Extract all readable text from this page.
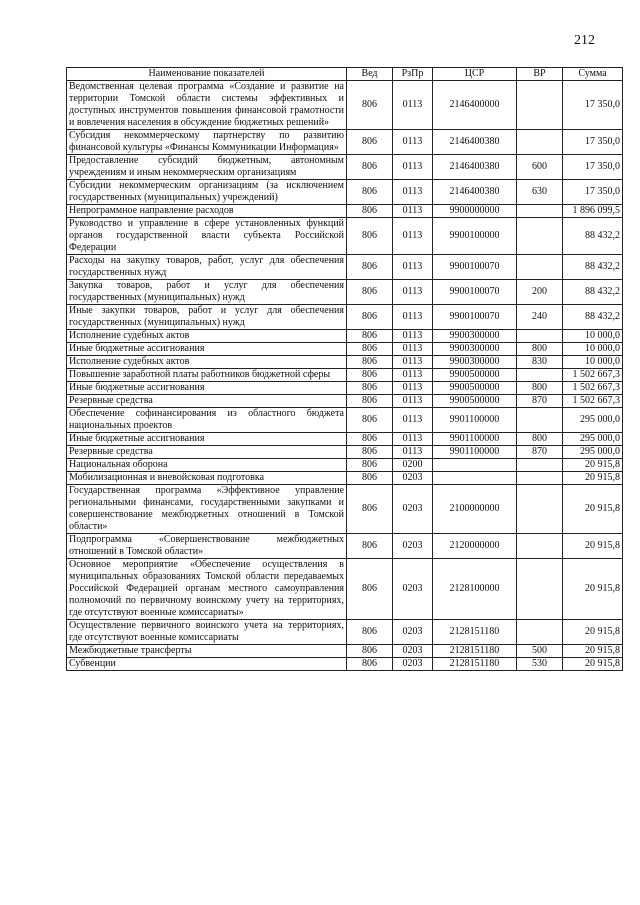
212
Наименование показателей	Вед	РзПр	ЦСР	ВР	Сумма
Ведомственная целевая программа «Создание и развитие на территории Томской области системы эффективных и доступных инструментов повышения финансовой грамотности и вовлечения населения в обсуждение бюджетных решений»	806	0113	2146400000		17 350,0
Субсидия некоммерческому партнерству по развитию финансовой культуры «Финансы Коммуникации Информация»	806	0113	2146400380		17 350,0
Предоставление субсидий бюджетным, автономным учреждениям и иным некоммерческим организациям	806	0113	2146400380	600	17 350,0
Субсидии некоммерческим организациям (за исключением государственных (муниципальных) учреждений)	806	0113	2146400380	630	17 350,0
Непрограммное направление расходов	806	0113	9900000000		1 896 099,5
Руководство и управление в сфере установленных функций органов государственной власти субъекта Российской Федерации	806	0113	9900100000		88 432,2
Расходы на закупку товаров, работ, услуг для обеспечения государственных нужд	806	0113	9900100070		88 432,2
Закупка товаров, работ и услуг для обеспечения государственных (муниципальных) нужд	806	0113	9900100070	200	88 432,2
Иные закупки товаров, работ и услуг для обеспечения государственных (муниципальных) нужд	806	0113	9900100070	240	88 432,2
Исполнение судебных актов	806	0113	9900300000		10 000,0
Иные бюджетные ассигнования	806	0113	9900300000	800	10 000,0
Исполнение судебных актов	806	0113	9900300000	830	10 000,0
Повышение заработной платы работников бюджетной сферы	806	0113	9900500000		1 502 667,3
Иные бюджетные ассигнования	806	0113	9900500000	800	1 502 667,3
Резервные средства	806	0113	9900500000	870	1 502 667,3
Обеспечение софинансирования из областного бюджета национальных проектов	806	0113	9901100000		295 000,0
Иные бюджетные ассигнования	806	0113	9901100000	800	295 000,0
Резервные средства	806	0113	9901100000	870	295 000,0
Национальная оборона	806	0200			20 915,8
Мобилизационная и вневойсковая подготовка	806	0203			20 915,8
Государственная программа «Эффективное управление региональными финансами, государственными закупками и совершенствование межбюджетных отношений в Томской области»	806	0203	2100000000		20 915,8
Подпрограмма «Совершенствование межбюджетных отношений в Томской области»	806	0203	2120000000		20 915,8
Основное мероприятие «Обеспечение осуществления в муниципальных образованиях Томской области передаваемых Российской Федерацией органам местного самоуправления полномочий по первичному воинскому учету на территориях, где отсутствуют военные комиссариаты»	806	0203	2128100000		20 915,8
Осуществление первичного воинского учета на территориях, где отсутствуют военные комиссариаты	806	0203	2128151180		20 915,8
Межбюджетные трансферты	806	0203	2128151180	500	20 915,8
Субвенции	806	0203	2128151180	530	20 915,8
